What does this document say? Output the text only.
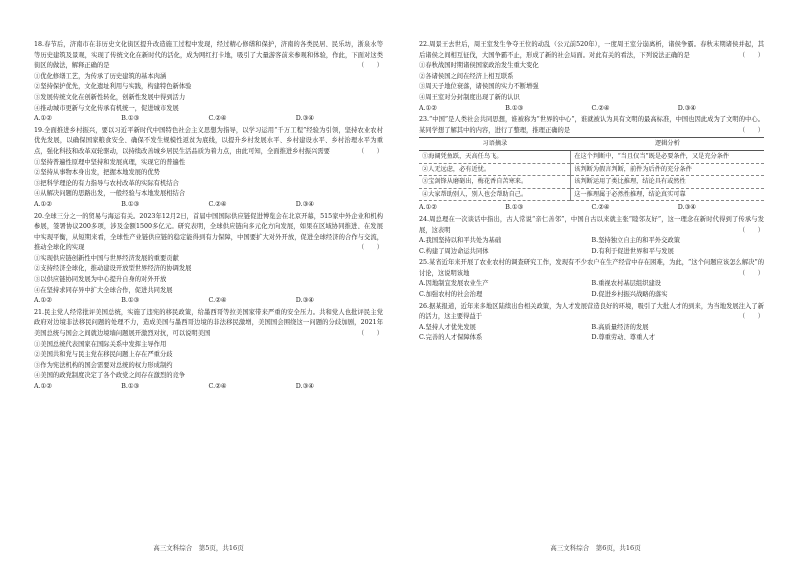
18.春节后，济南市在非历史文化街区提升改造施工过程中发现，经过精心修缮和保护，济南的各类民居、民乐坊，浙泉水等等历史建筑及景观，实现了传统文化在新时代的活化，成为网红打卡地，吸引了大量游客前来参观和体验，作此，下面对这类街区的做法，解释正确的是	（　　）

①优化修缮工艺，为传承了历史建筑的基本肉涵

②坚持保护优先，文化遗址利用与实践，构建特色新体验

③发展传统文化在创新性转化，创新性发展中得到活力

④推动城市更新与文化传承有机统一，促进城市发展

A.①②	B.①③	C.②④	D.③④

19.全面推进乡村振兴，要以习近平新时代中国特色社会主义思想为指导，以学习运用“千万工程”经验为引领，坚持农业农村优先发展，以确保国家粮食安全、确保不发生规模性返贫为底线，以提升乡村发展水平、乡村建设水平、乡村治理水平为重点，强化科技和改革双轮驱动，以持续改善城乡居民生活品质为着力点，由此可知，全面推进乡村振兴需要	（　　）

①坚持普遍性原理中坚持和发展真理，实现它的普遍性

②坚持从事物本身出发，把握本地发展的优势

③把科学理论的有力指导与农村改革的实际有机结合

④从解决问题的思路出发，一般经验与本地发展相结合

A.①②	B.①③	C.②④	D.③④

20.全球三分之一的贸易与海运有关。2023年12月2日，首届中国国际供应链促进博览会在北京开幕，515家中外企业和机构参展，签署协议200多项，涉及金额1500多亿元。研究表明，全球供应链向多元化方向发展，如果在区域协同推进、在发展中实现平衡，从短期来看，全球性产业链供应链的稳定能得到有力保障，中国要扩大对外开放，促进全球经济的合作与交流，推动全球化的实现	（　　）

①实现供应链创新性中国与世界经济发展的重要贡献

②支持经济全球化，推动建设开放型世界经济的协调发展

③以供应链协同发展为中心提升自身的对外开放

④在坚持求同存异中扩大全球合作，促进共同发展

A.①②	B.①③	C.②④	D.③④

21.民主党人经常批评美国总统，实施了违宪的移民政策，给墨西哥等拉美国家带来严重的安全压力。共和党人也批评民主党政府对边境非法移民问题的处理不力，造成美国与墨西哥边境的非法移民激增，美国国会围绕这一问题的分歧加剧，2021年美国总统与国会之间就边境墙问题展开激烈对抗，可以说明美国	（　　）

①美国总统代表国家在国际关系中发挥主导作用

②美国共和党与民主党在移民问题上存在严重分歧

③作为宪法机构的国会需要对总统的权力形成制约

④美国的政党制度决定了各个政党之间存在激烈的竞争

A.①②	B.①③	C.②④	D.③④
高三文科综合　第5页，共16页

22.周景王去世后，周王室发生争夺王位的动乱（公元前520年），一度周王室分崩离析，诸侯争霸。春秋末期诸侯并起，其后诸侯之间相互征伐，大国争霸不止，形成了新的社会局面。对此有关的看法，下列说法正确的是	（　　）

①春秋战国时期诸侯国家政治发生重大变化

②各诸侯国之间在经济上相互联系

③周天子地位衰落，诸侯国的实力不断增强

④周王室对分封制度出现了新的认识

A.①②	B.①③	C.②④	D.③④

23.“中国”是人类社会共同思想，谁被称为“世界的中心”，谁就被认为具有文明的最高标准，中国也因此成为了文明的中心。某同学想了解其中的内容，进行了整理，推理正确的是	（　　）

习语摘录	逻辑分析
①海阔凭鱼跃，天高任鸟飞。	在这个判断中，“当且仅当”既是必要条件，又是充分条件
②人无远虑，必有近忧。	该判断为假言判断，前件为后件的充分条件
③宝剑锋从磨砺出，梅花香自苦寒来。	该判断运用了类比推理，结论具有或然性
④大家帮助别人，别人也会帮助自己。	这一推理属于必然性推理，结论真实可靠
A.①②	B.①③	C.②④	D.③④

24.周总理在一次谈话中指出，古人常说“亲仁善邻”，中国自古以来就主张“睦邻友好”，这一理念在新时代得到了传承与发展，这表明	（　　）

A.我国坚持以和平共处为基础	B.坚持独立自主的和平外交政策
C.构建了周边命运共同体	D.有利于促进世界和平与发展

25.某省近年来开展了农业农村的调查研究工作，发现有不少农户在生产经营中存在困难，为此，“这个问题应该怎么解决”的讨论，这说明该地	（　　）

A.因地制宜发展农业生产	B.重视农村基层组织建设
C.加强农村的社会治理	D.促进乡村振兴战略的落实

26.据某报道，近年来多地区陆续出台相关政策，为人才发展营造良好的环境，吸引了大批人才的到来，为当地发展注入了新的活力，这主要得益于	（　　）

A.坚持人才优先发展	B.高质量经济的发展
C.完善的人才保障体系	D.尊重劳动、尊重人才
高三文科综合　第6页，共16页
